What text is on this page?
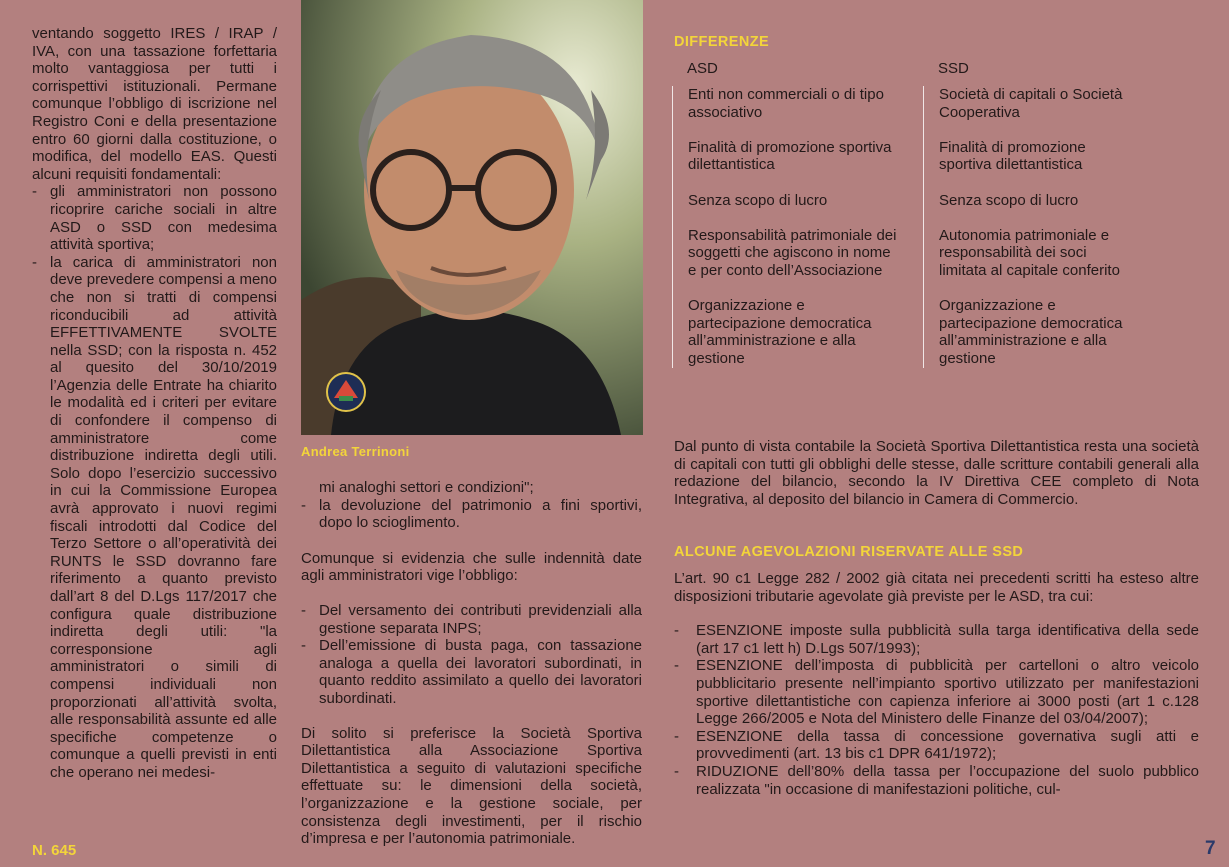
ventando soggetto IRES / IRAP / IVA, con una tassazione forfettaria molto vantaggiosa per tutti i corrispettivi istituzionali. Permane comunque l’obbligo di iscrizione nel Registro Coni e della presentazione entro 60 giorni dalla costituzione, o modifica, del modello EAS. Questi alcuni requisiti fondamentali:

- gli amministratori non possono ricoprire cariche sociali in altre ASD o SSD con medesima attività sportiva;
- la carica di amministratori non deve prevedere compensi a meno che non si tratti di compensi riconducibili ad attività EFFETTIVAMENTE SVOLTE nella SSD; con la risposta n. 452 al quesito del 30/10/2019 l’Agenzia delle Entrate ha chiarito le modalità ed i criteri per evitare di confondere il compenso di amministratore come distribuzione indiretta degli utili. Solo dopo l’esercizio successivo in cui la Commissione Europea avrà approvato i nuovi regimi fiscali introdotti dal Codice del Terzo Settore o all’operatività dei RUNTS le SSD dovranno fare riferimento a quanto previsto dall’art 8 del D.Lgs 117/2017 che configura quale distribuzione indiretta degli utili: "la corresponsione agli amministratori o simili di compensi individuali non proporzionati all’attività svolta, alle responsabilità assunte ed alle specifiche competenze o comunque a quelli previsti in enti che operano nei medesi-
Andrea Terrinoni

mi analoghi settori e condizioni";

- la devoluzione del patrimonio a fini sportivi, dopo lo scioglimento.

Comunque si evidenzia che sulle indennità date agli amministratori vige l’obbligo:

- Del versamento dei contributi previdenziali alla gestione separata INPS;
- Dell’emissione di busta paga, con tassazione analoga a quella dei lavoratori subordinati, in quanto reddito assimilato a quello dei lavoratori subordinati.

Di solito si preferisce la Società Sportiva Dilettantistica alla Associazione Sportiva Dilettantistica a seguito di valutazioni specifiche effettuate su: le dimensioni della società, l’organizzazione e la gestione sociale, per consistenza degli investimenti, per il rischio d’impresa e per l’autonomia patrimoniale.

DIFFERENZE
ASD
Enti non commerciali o di tipo associativo
Finalità di promozione sportiva dilettantistica
Senza scopo di lucro
Responsabilità patrimoniale dei soggetti che agiscono in nome e per conto dell’Associazione
Organizzazione e partecipazione democratica all’amministrazione e alla gestione
SSD
Società di capitali o Società Cooperativa
Finalità di promozione sportiva dilettantistica
Senza scopo di lucro
Autonomia patrimoniale e responsabilità dei soci limitata al capitale conferito
Organizzazione e partecipazione democratica all’amministrazione e alla gestione

Dal punto di vista contabile la Società Sportiva Dilettantistica resta una società di capitali con tutti gli obblighi delle stesse, dalle scritture contabili generali alla redazione del bilancio, secondo la IV Direttiva CEE completo di Nota Integrativa, al deposito del bilancio in Camera di Commercio.

ALCUNE AGEVOLAZIONI RISERVATE ALLE SSD

L’art. 90 c1 Legge 282 / 2002 già citata nei precedenti scritti ha esteso altre disposizioni tributarie agevolate già previste per le ASD, tra cui:

- ESENZIONE imposte sulla pubblicità sulla targa identificativa della sede (art 17 c1 lett h) D.Lgs 507/1993);
- ESENZIONE dell’imposta di pubblicità per cartelloni o altro veicolo pubblicitario presente nell’impianto sportivo utilizzato per manifestazioni sportive dilettantistiche con capienza inferiore ai 3000 posti (art 1 c.128 Legge 266/2005 e Nota del Ministero delle Finanze del 03/04/2007);
- ESENZIONE della tassa di concessione governativa sugli atti e provvedimenti (art. 13 bis c1 DPR 641/1972);
- RIDUZIONE dell’80% della tassa per l’occupazione del suolo pubblico realizzata "in occasione di manifestazioni politiche, cul-
N. 645	7
